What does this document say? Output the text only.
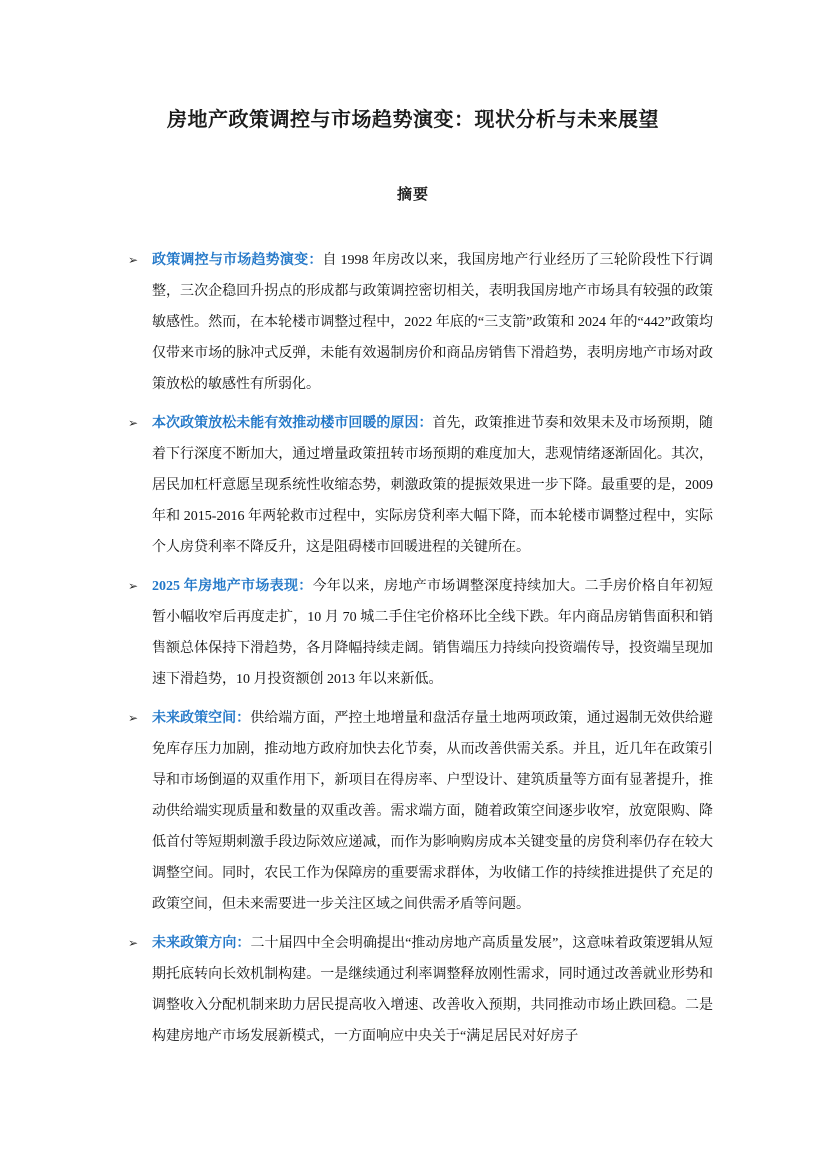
房地产政策调控与市场趋势演变：现状分析与未来展望
摘要
➢ 政策调控与市场趋势演变：自 1998 年房改以来，我国房地产行业经历了三轮阶段性下行调整，三次企稳回升拐点的形成都与政策调控密切相关，表明我国房地产市场具有较强的政策敏感性。然而，在本轮楼市调整过程中，2022 年底的“三支箭”政策和 2024 年的“442”政策均仅带来市场的脉冲式反弹，未能有效遏制房价和商品房销售下滑趋势，表明房地产市场对政策放松的敏感性有所弱化。

➢ 本次政策放松未能有效推动楼市回暖的原因：首先，政策推进节奏和效果未及市场预期，随着下行深度不断加大，通过增量政策扭转市场预期的难度加大，悲观情绪逐渐固化。其次，居民加杠杆意愿呈现系统性收缩态势，刺激政策的提振效果进一步下降。最重要的是，2009 年和 2015-2016 年两轮救市过程中，实际房贷利率大幅下降，而本轮楼市调整过程中，实际个人房贷利率不降反升，这是阻碍楼市回暖进程的关键所在。

➢ 2025 年房地产市场表现：今年以来，房地产市场调整深度持续加大。二手房价格自年初短暂小幅收窄后再度走扩，10 月 70 城二手住宅价格环比全线下跌。年内商品房销售面积和销售额总体保持下滑趋势，各月降幅持续走阔。销售端压力持续向投资端传导，投资端呈现加速下滑趋势，10 月投资额创 2013 年以来新低。

➢ 未来政策空间：供给端方面，严控土地增量和盘活存量土地两项政策，通过遏制无效供给避免库存压力加剧，推动地方政府加快去化节奏，从而改善供需关系。并且，近几年在政策引导和市场倒逼的双重作用下，新项目在得房率、户型设计、建筑质量等方面有显著提升，推动供给端实现质量和数量的双重改善。需求端方面，随着政策空间逐步收窄，放宽限购、降低首付等短期刺激手段边际效应递减，而作为影响购房成本关键变量的房贷利率仍存在较大调整空间。同时，农民工作为保障房的重要需求群体，为收储工作的持续推进提供了充足的政策空间，但未来需要进一步关注区域之间供需矛盾等问题。

➢ 未来政策方向：二十届四中全会明确提出“推动房地产高质量发展”，这意味着政策逻辑从短期托底转向长效机制构建。一是继续通过利率调整释放刚性需求，同时通过改善就业形势和调整收入分配机制来助力居民提高收入增速、改善收入预期，共同推动市场止跌回稳。二是构建房地产市场发展新模式，一方面响应中央关于“满足居民对好房子
